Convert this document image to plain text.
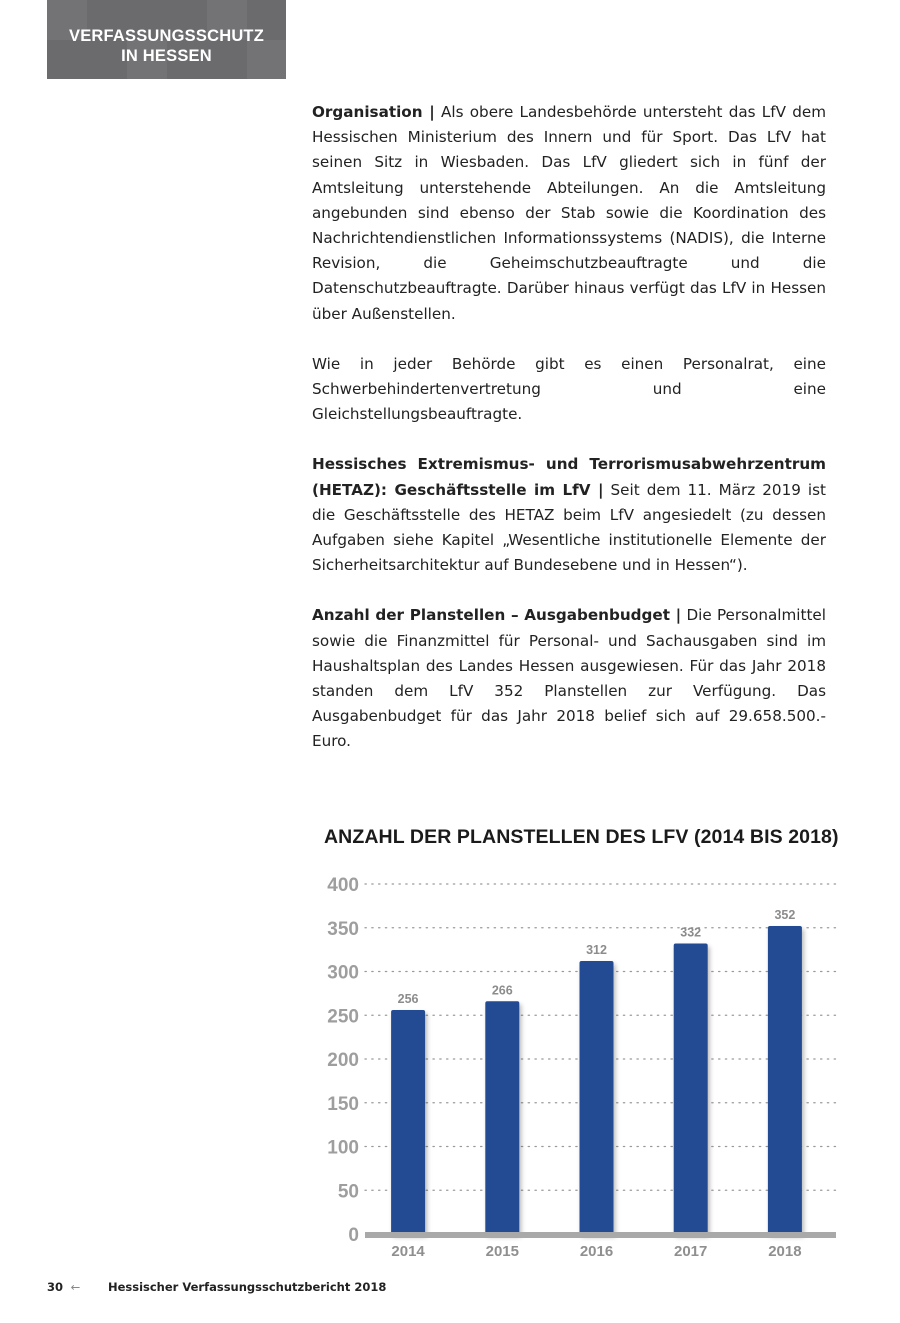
VERFASSUNGSSCHUTZ
IN HESSEN

Organisation | Als obere Landesbehörde untersteht das LfV dem Hessischen Ministerium des Innern und für Sport. Das LfV hat seinen Sitz in Wiesbaden. Das LfV gliedert sich in fünf der Amtsleitung unterstehende Abteilungen. An die Amtsleitung angebunden sind ebenso der Stab sowie die Koordination des Nachrichtendienstlichen Informationssystems (NADIS), die Interne Revision, die Geheimschutzbeauftragte und die Datenschutzbeauftragte. Darüber hinaus verfügt das LfV in Hessen über Außenstellen.

Wie in jeder Behörde gibt es einen Personalrat, eine Schwerbehindertenvertretung und eine Gleichstellungsbeauftragte.

Hessisches Extremismus- und Terrorismusabwehrzentrum (HETAZ): Geschäftsstelle im LfV | Seit dem 11. März 2019 ist die Geschäftsstelle des HETAZ beim LfV angesiedelt (zu dessen Aufgaben siehe Kapitel „Wesentliche institutionelle Elemente der Sicherheitsarchitektur auf Bundesebene und in Hessen“).

Anzahl der Planstellen – Ausgabenbudget | Die Personalmittel sowie die Finanzmittel für Personal- und Sachausgaben sind im Haushaltsplan des Landes Hessen ausgewiesen. Für das Jahr 2018 standen dem LfV 352 Planstellen zur Verfügung. Das Ausgabenbudget für das Jahr 2018 belief sich auf 29.658.500.- Euro.

ANZAHL DER PLANSTELLEN DES LFV (2014 BIS 2018)
0
50
100
150
200
250
300
350
400
256
2014
266
2015
312
2016
332
2017
352
2018
30 ← Hessischer Verfassungsschutzbericht 2018
